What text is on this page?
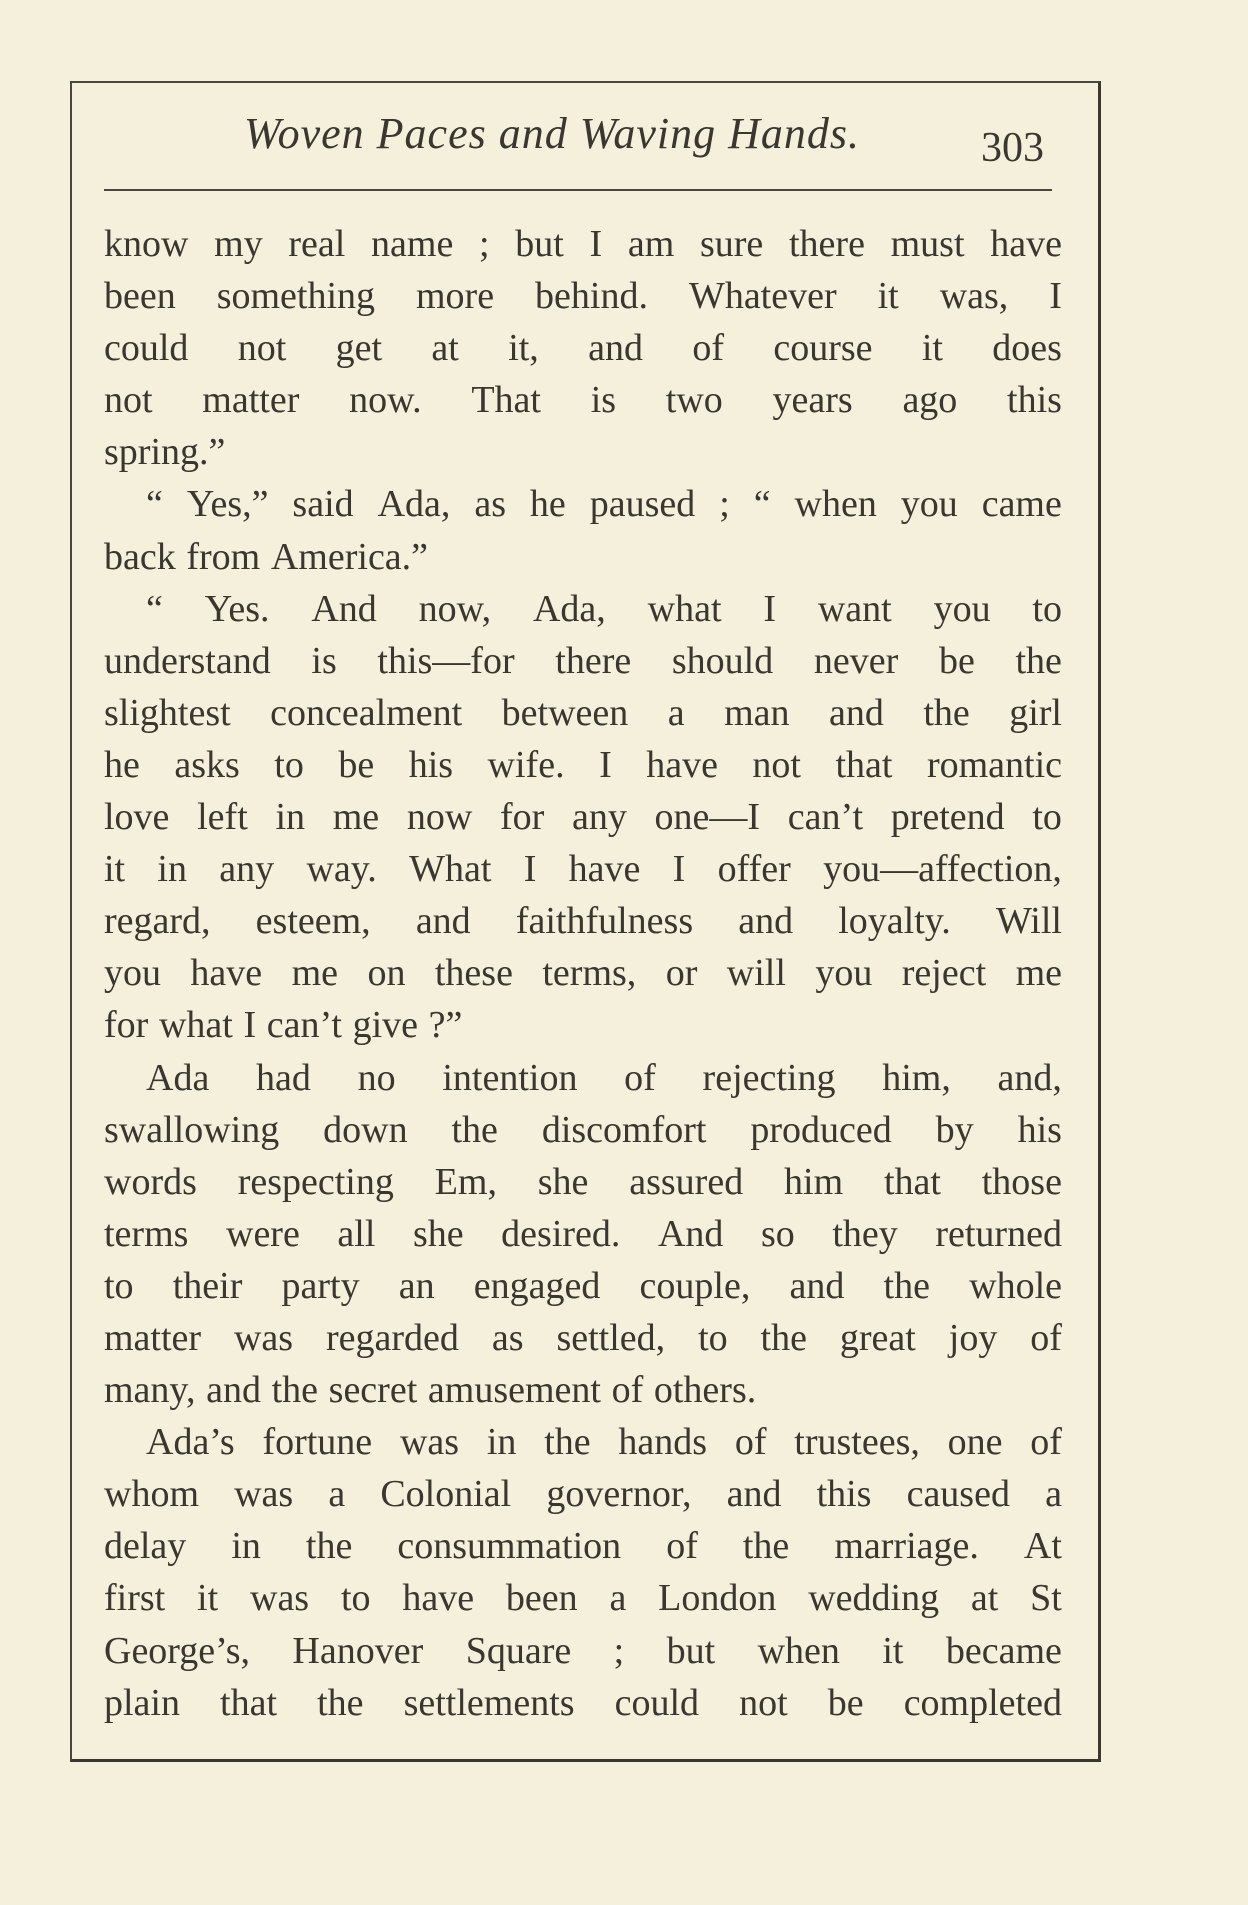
Woven Paces and Waving Hands.	303
know my real name ; but I am sure there must have
been something more behind. Whatever it was, I
could not get at it, and of course it does
not matter now. That is two years ago this
spring.”
“ Yes,” said Ada, as he paused ; “ when you came
back from America.”
“ Yes. And now, Ada, what I want you to
understand is this—for there should never be the
slightest concealment between a man and the girl
he asks to be his wife. I have not that romantic
love left in me now for any one—I can’t pretend to
it in any way. What I have I offer you—affection,
regard, esteem, and faithfulness and loyalty. Will
you have me on these terms, or will you reject me
for what I can’t give ?”
Ada had no intention of rejecting him, and,
swallowing down the discomfort produced by his
words respecting Em, she assured him that those
terms were all she desired. And so they returned
to their party an engaged couple, and the whole
matter was regarded as settled, to the great joy of
many, and the secret amusement of others.
Ada’s fortune was in the hands of trustees, one of
whom was a Colonial governor, and this caused a
delay in the consummation of the marriage. At
first it was to have been a London wedding at St
George’s, Hanover Square ; but when it became
plain that the settlements could not be completed
